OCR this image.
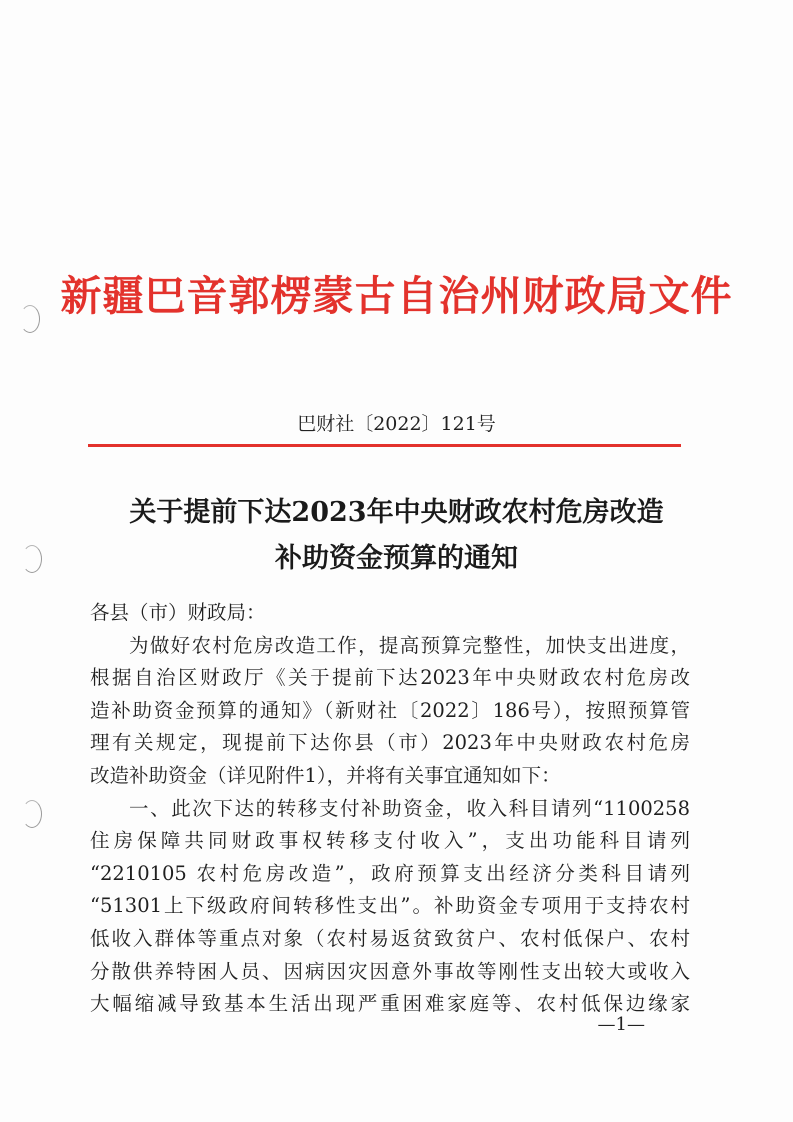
新疆巴音郭楞蒙古自治州财政局文件
巴财社〔2022〕121号
关于提前下达2023年中央财政农村危房改造
补助资金预算的通知
各县（市）财政局：
为做好农村危房改造工作，提高预算完整性，加快支出进度，
根据自治区财政厅《关于提前下达2023年中央财政农村危房改
造补助资金预算的通知》（新财社〔2022〕186号），按照预算管
理有关规定，现提前下达你县（市）2023年中央财政农村危房
改造补助资金（详见附件1），并将有关事宜通知如下：
一、此次下达的转移支付补助资金，收入科目请列“1100258
住房保障共同财政事权转移支付收入”，支出功能科目请列
“2210105 农村危房改造”，政府预算支出经济分类科目请列
“51301上下级政府间转移性支出”。补助资金专项用于支持农村
低收入群体等重点对象（农村易返贫致贫户、农村低保户、农村
分散供养特困人员、因病因灾因意外事故等刚性支出较大或收入
大幅缩减导致基本生活出现严重困难家庭等、农村低保边缘家
—1—
